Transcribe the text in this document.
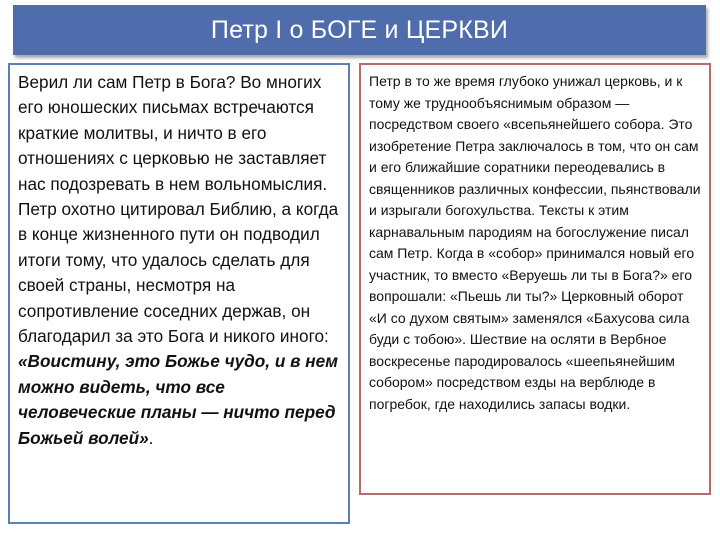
Петр I о БОГЕ и ЦЕРКВИ

Верил ли сам Петр в Бога? Во многих его юношеских письмах встречаются краткие молитвы, и ничто в его отношениях с церковью не заставляет нас подозревать в нем вольномыслия. Петр охотно цитировал Библию, а когда в конце жизненного пути он подводил итоги тому, что удалось сделать для своей страны, несмотря на сопротивление соседних держав, он благодарил за это Бога и никого иного: «Воистину, это Божье чудо, и в нем можно видеть, что все человеческие планы — ничто перед Божьей волей».

Петр в то же время глубоко унижал церковь, и к тому же труднообъяснимым образом — посредством своего «всепьянейшего собора. Это изобретение Петра заключалось в том, что он сам и его ближайшие соратники переодевались в священников различных конфессии, пьянствовали и изрыгали богохульства. Тексты к этим карнавальным пародиям на богослужение писал сам Петр. Когда в «собор» принимался новый его участник, то вместо «Веруешь ли ты в Бога?» его вопрошали: «Пьешь ли ты?» Церковный оборот «И со духом святым» заменялся «Бахусова сила буди с тобою». Шествие на осляти в Вербное воскресенье пародировалось «шеепьянейшим собором» посредством езды на верблюде в погребок, где находились запасы водки.
